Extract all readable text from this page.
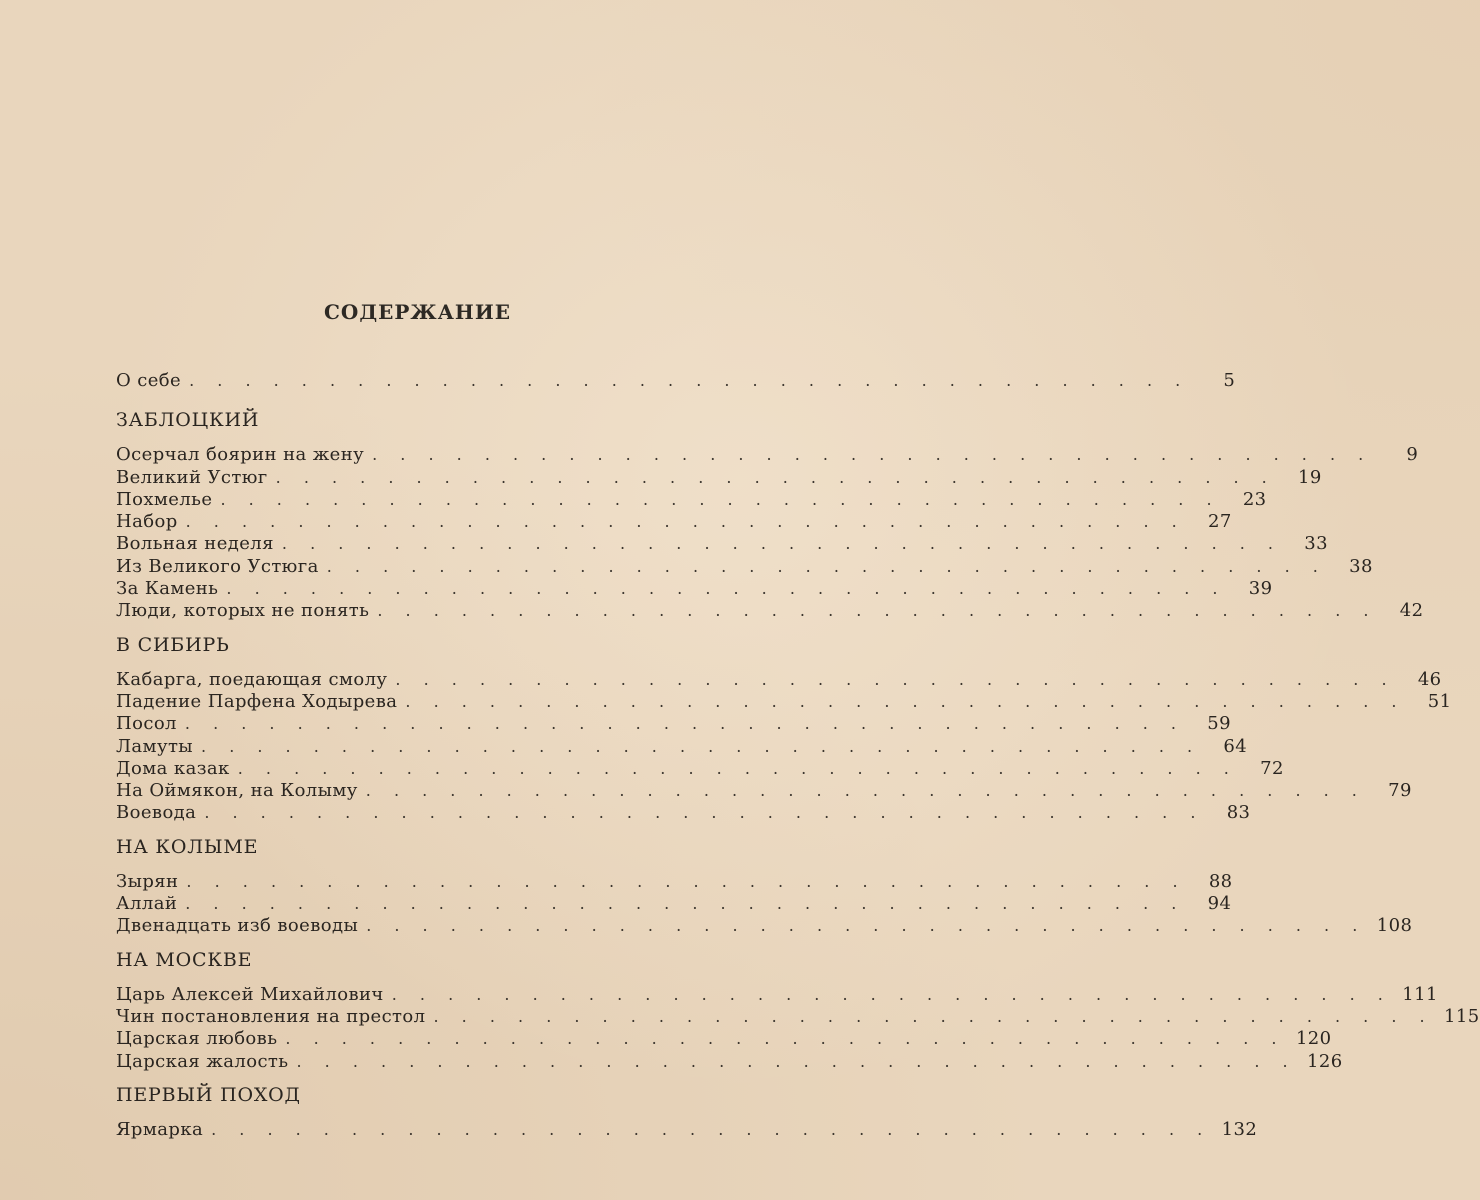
СОДЕРЖАНИЕ
О себе . . . . . . . . . . . . . . . . . . . . . . . . . . . . . . . . . . . .	5
ЗАБЛОЦКИЙ
Осерчал боярин на жену . . . . . . . . . . . . . . . . . . . . . . . . . . . . . . . . . . . .	9
Великий Устюг . . . . . . . . . . . . . . . . . . . . . . . . . . . . . . . . . . . .	19
Похмелье . . . . . . . . . . . . . . . . . . . . . . . . . . . . . . . . . . . .	23
Набор . . . . . . . . . . . . . . . . . . . . . . . . . . . . . . . . . . . .	27
Вольная неделя . . . . . . . . . . . . . . . . . . . . . . . . . . . . . . . . . . . .	33
Из Великого Устюга . . . . . . . . . . . . . . . . . . . . . . . . . . . . . . . . . . . .	38
За Камень . . . . . . . . . . . . . . . . . . . . . . . . . . . . . . . . . . . .	39
Люди, которых не понять . . . . . . . . . . . . . . . . . . . . . . . . . . . . . . . . . . . .	42
В СИБИРЬ
Кабарга, поедающая смолу . . . . . . . . . . . . . . . . . . . . . . . . . . . . . . . . . . . .	46
Падение Парфена Ходырева . . . . . . . . . . . . . . . . . . . . . . . . . . . . . . . . . . . .	51
Посол . . . . . . . . . . . . . . . . . . . . . . . . . . . . . . . . . . . .	59
Ламуты . . . . . . . . . . . . . . . . . . . . . . . . . . . . . . . . . . . .	64
Дома казак . . . . . . . . . . . . . . . . . . . . . . . . . . . . . . . . . . . .	72
На Оймякон, на Колыму . . . . . . . . . . . . . . . . . . . . . . . . . . . . . . . . . . . .	79
Воевода . . . . . . . . . . . . . . . . . . . . . . . . . . . . . . . . . . . .	83
НА КОЛЫМЕ
Зырян . . . . . . . . . . . . . . . . . . . . . . . . . . . . . . . . . . . .	88
Аллай . . . . . . . . . . . . . . . . . . . . . . . . . . . . . . . . . . . .	94
Двенадцать изб воеводы . . . . . . . . . . . . . . . . . . . . . . . . . . . . . . . . . . . . 108
НА МОСКВЕ
Царь Алексей Михайлович . . . . . . . . . . . . . . . . . . . . . . . . . . . . . . . . . . . . 111
Чин постановления на престол . . . . . . . . . . . . . . . . . . . . . . . . . . . . . . . . . . . . 115
Царская любовь . . . . . . . . . . . . . . . . . . . . . . . . . . . . . . . . . . . . 120
Царская жалость . . . . . . . . . . . . . . . . . . . . . . . . . . . . . . . . . . . . 126
ПЕРВЫЙ ПОХОД
Ярмарка . . . . . . . . . . . . . . . . . . . . . . . . . . . . . . . . . . . . 132
